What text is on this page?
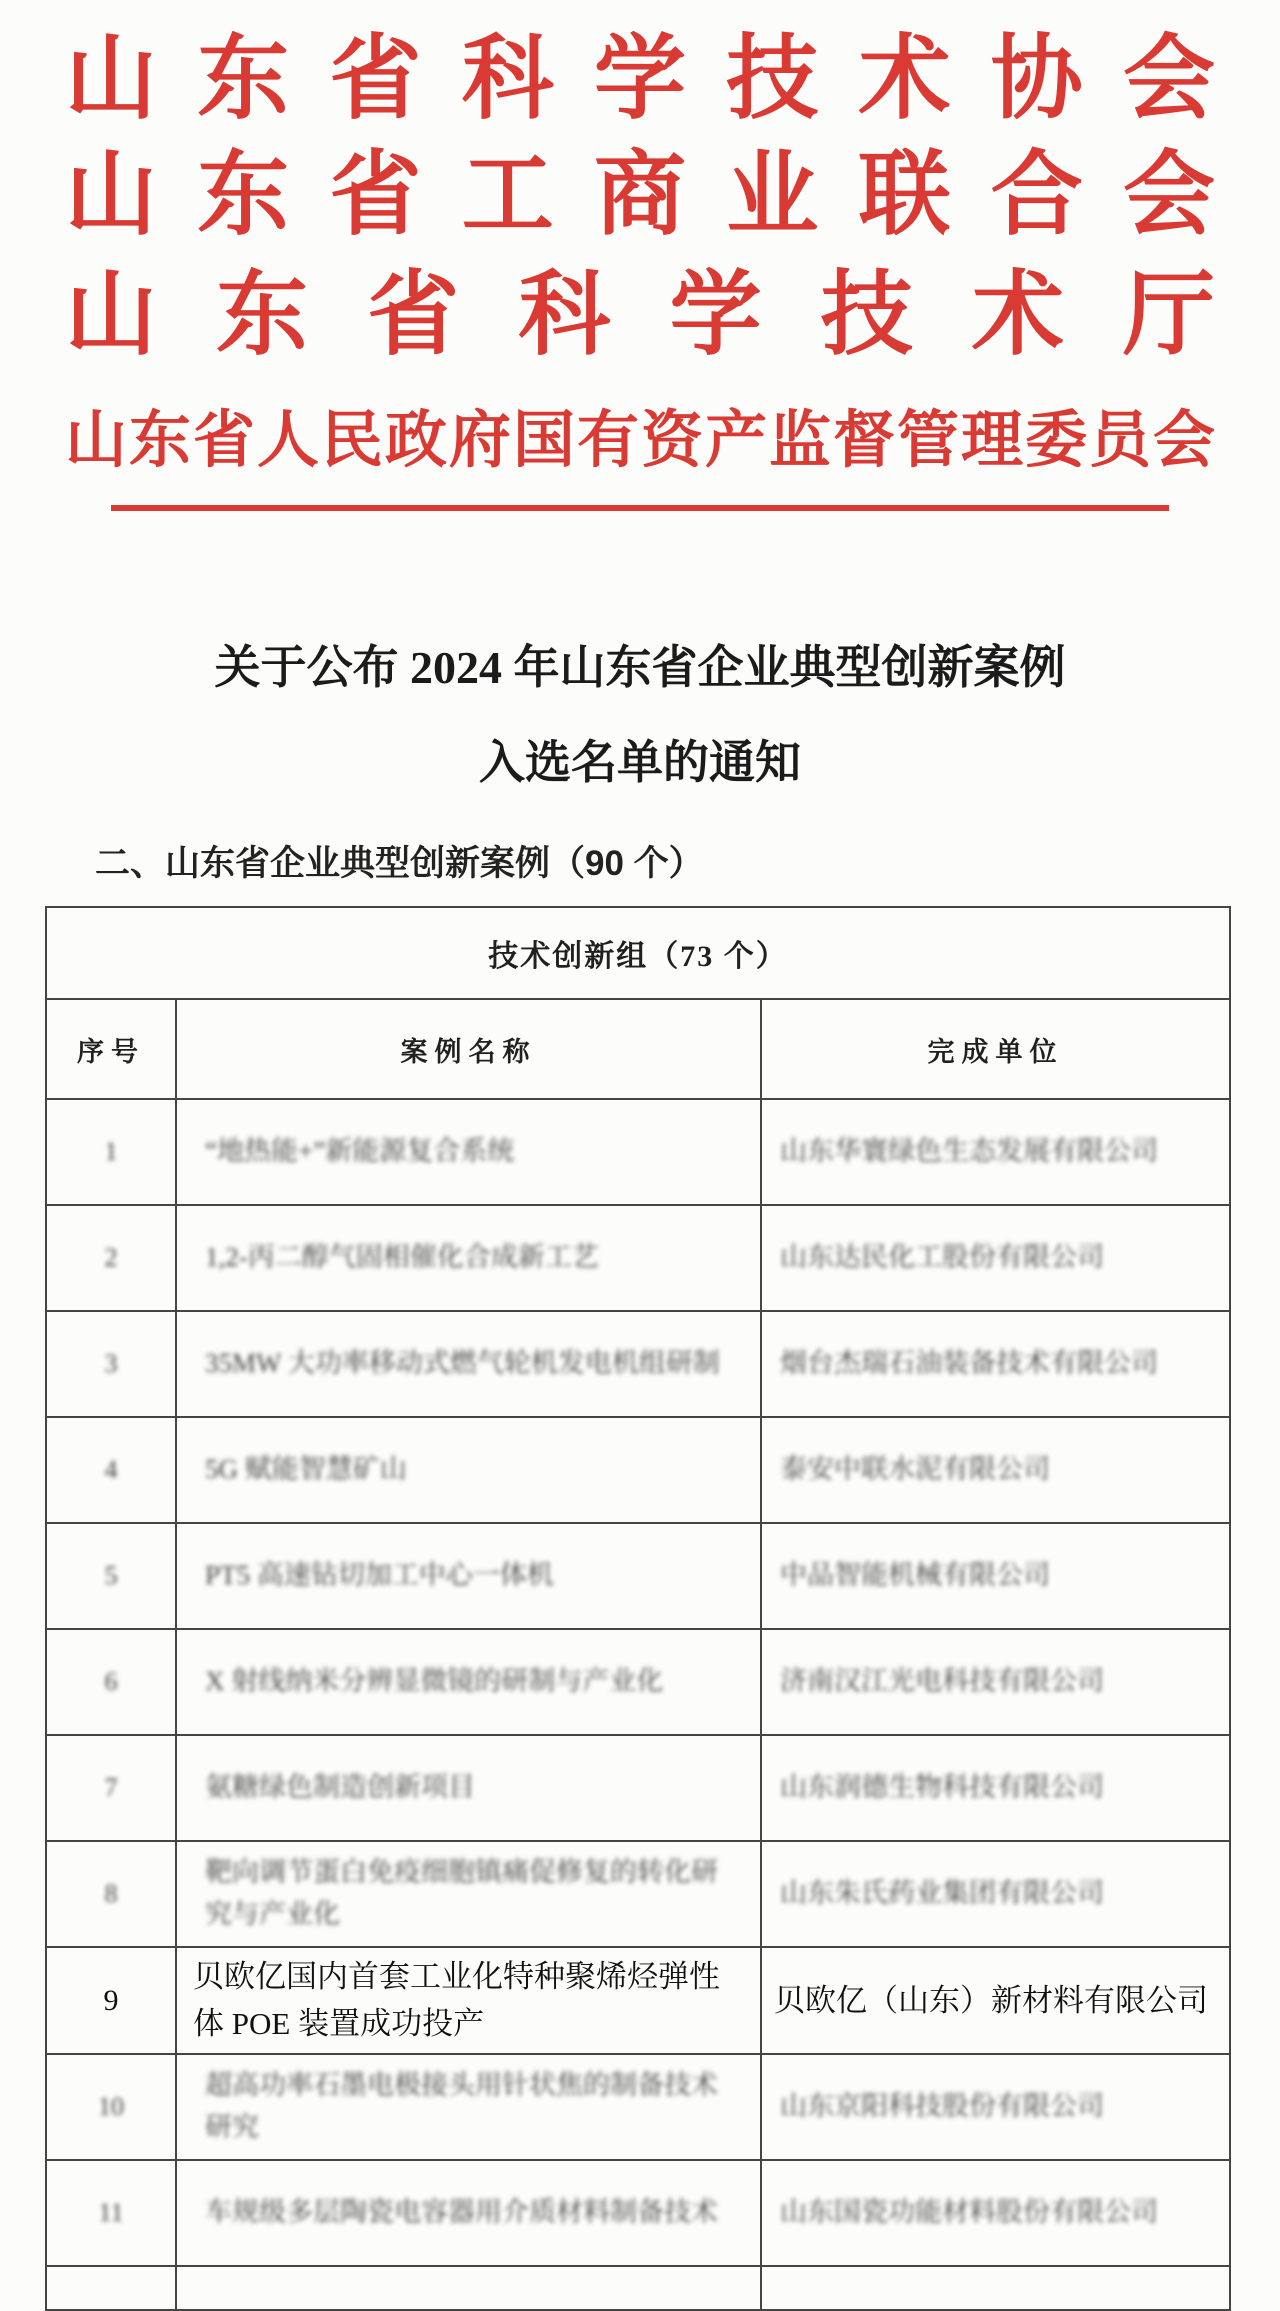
山东省科学技术协会
山东省工商业联合会
山东省科学技术厅
山东省人民政府国有资产监督管理委员会
关于公布 2024 年山东省企业典型创新案例
入选名单的通知
二、山东省企业典型创新案例（90 个）
技术创新组（73 个）		
序号	案例名称	完成单位
1	“地热能+”新能源复合系统	山东华寰绿色生态发展有限公司
2	1,2-丙二醇气固相催化合成新工艺	山东达民化工股份有限公司
3	35MW 大功率移动式燃气轮机发电机组研制	烟台杰瑞石油装备技术有限公司
4	5G 赋能智慧矿山	泰安中联水泥有限公司
5	PT5 高速钻切加工中心一体机	中品智能机械有限公司
6	X 射线纳米分辨显微镜的研制与产业化	济南汉江光电科技有限公司
7	氨糖绿色制造创新项目	山东润德生物科技有限公司
8	靶向调节蛋白免疫细胞镇痛促修复的转化研究与产业化	山东朱氏药业集团有限公司
9	贝欧亿国内首套工业化特种聚烯烃弹性体 POE 装置成功投产	贝欧亿（山东）新材料有限公司
10	超高功率石墨电极接头用针状焦的制备技术研究	山东京阳科技股份有限公司
11	车规级多层陶瓷电容器用介质材料制备技术	山东国瓷功能材料股份有限公司
